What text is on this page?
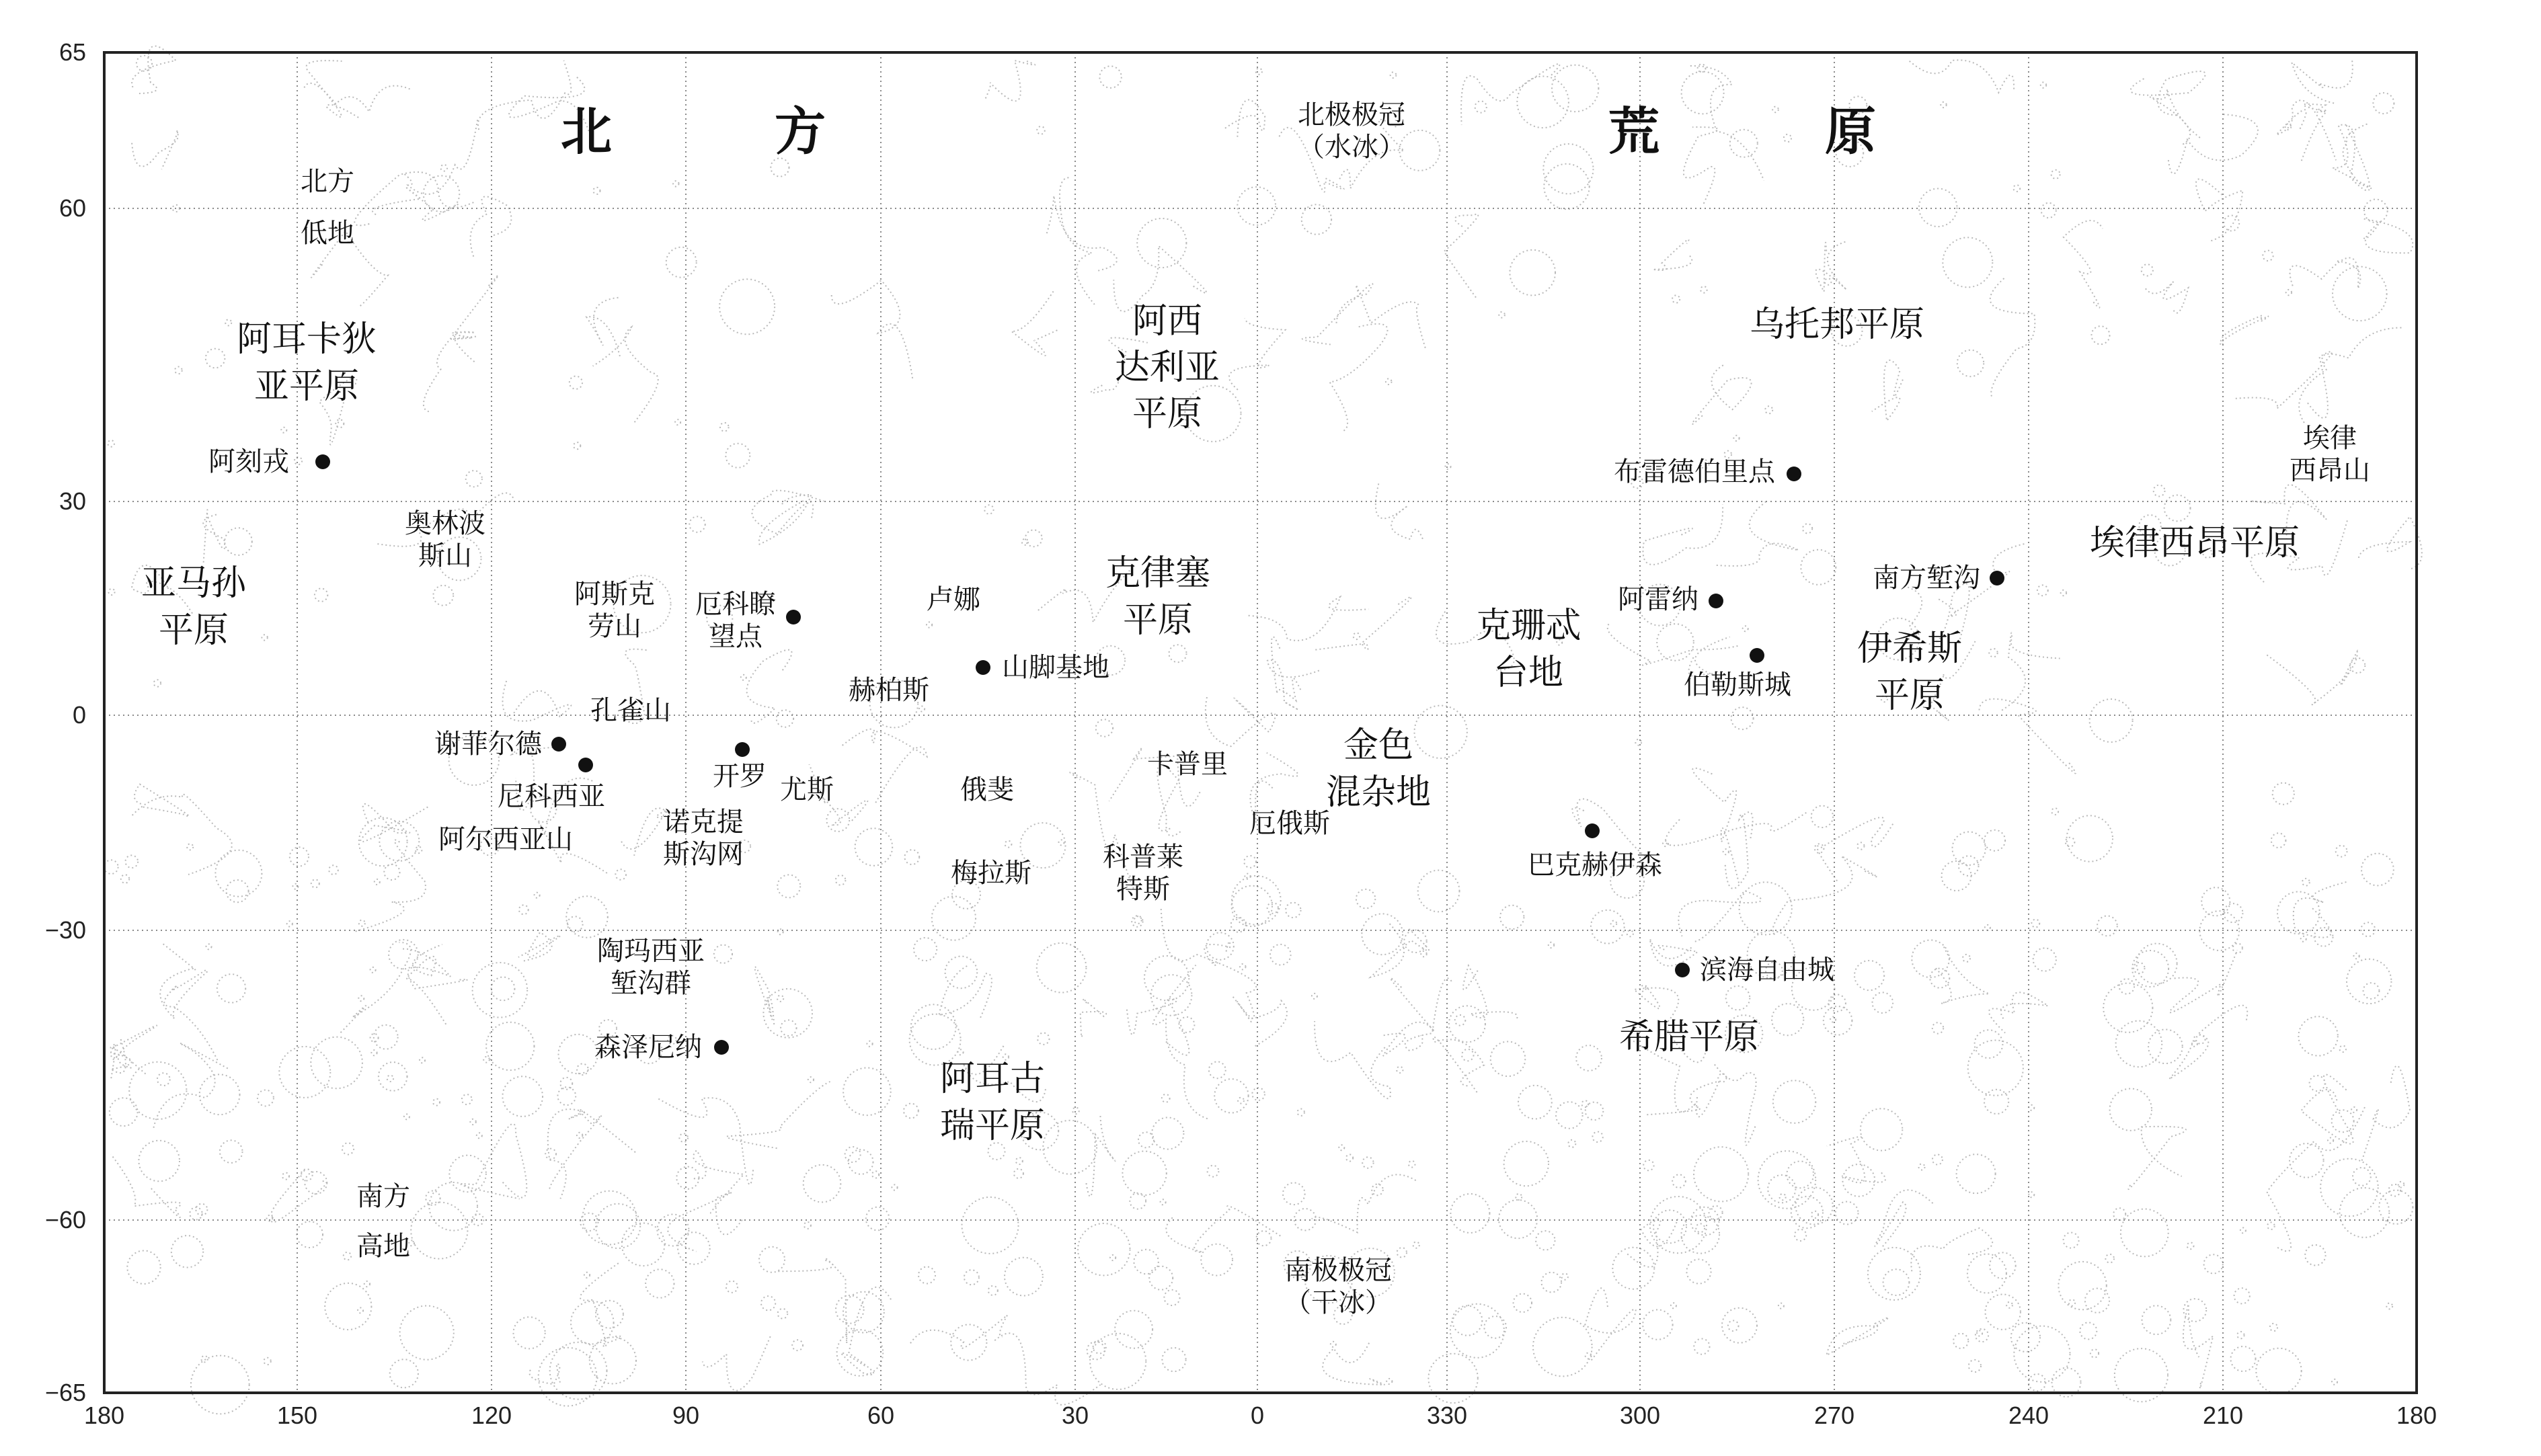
180	150	120	90	60	30	0	330	300	270	240	210	180
65
60
30
0
−30
−60
−65
北	方	荒	原
北极极冠
（水冰）
南极极冠
（干冰）
北方
低地
南方
高地
阿耳卡狄
亚平原
亚马孙
平原
阿西
达利亚
平原
乌托邦平原
埃律西昂平原
埃律
西昂山
克律塞
平原
金色
混杂地
伊希斯
平原
克珊忒
台地
希腊平原
阿耳古
瑞平原
奥林波
斯山
阿斯克
劳山
孔雀山
阿尔西亚山
诺克提
斯沟网
陶玛西亚
堑沟群
赫柏斯
尤斯	俄斐
梅拉斯
科普莱
特斯
卡普里
厄俄斯
卢娜
阿刻戎
厄科瞭
望点
山脚基地
谢菲尔德
尼科西亚
开罗
森泽尼纳
布雷德伯里点
阿雷纳
伯勒斯城
南方堑沟
巴克赫伊森
滨海自由城
